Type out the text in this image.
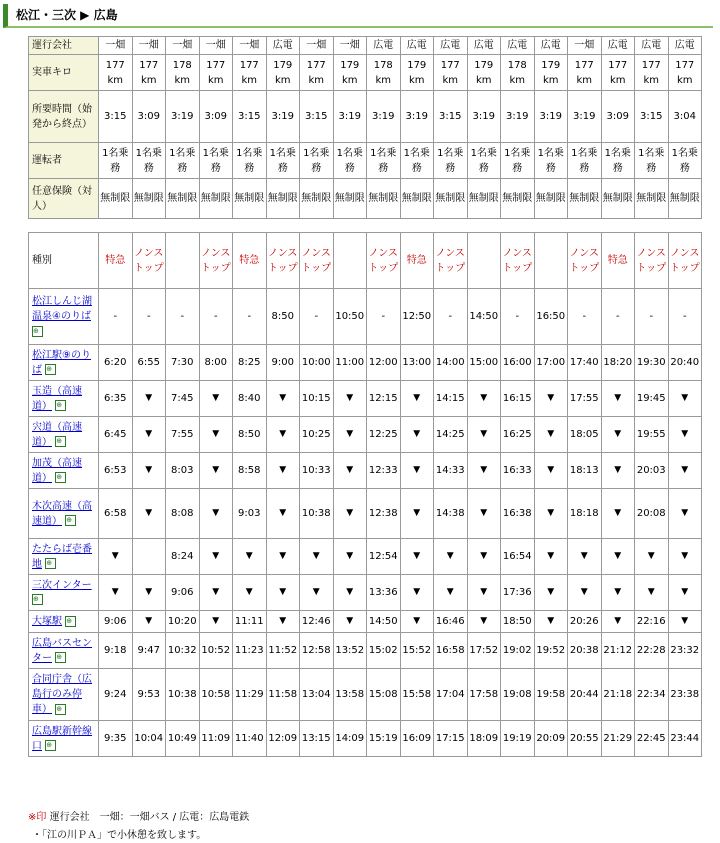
松江・三次 ▶ 広島
運行会社	一畑	一畑	一畑	一畑	一畑	広電	一畑	一畑	広電	広電	広電	広電	広電	広電	一畑	広電	広電	広電
実車キロ	177 km	177 km	178 km	177 km	177 km	179 km	177 km	179 km	178 km	179 km	177 km	179 km	178 km	179 km	177 km	177 km	177 km	177 km
所要時間（始発から終点）	3:15	3:09	3:19	3:09	3:15	3:19	3:15	3:19	3:19	3:19	3:15	3:19	3:19	3:19	3:19	3:09	3:15	3:04
運転者	1名乗務	1名乗務	1名乗務	1名乗務	1名乗務	1名乗務	1名乗務	1名乗務	1名乗務	1名乗務	1名乗務	1名乗務	1名乗務	1名乗務	1名乗務	1名乗務	1名乗務	1名乗務
任意保険（対人）	無制限	無制限	無制限	無制限	無制限	無制限	無制限	無制限	無制限	無制限	無制限	無制限	無制限	無制限	無制限	無制限	無制限	無制限
種別	特急	ノンストップ		ノンストップ	特急	ノンストップ	ノンストップ		ノンストップ	特急	ノンストップ		ノンストップ		ノンストップ	特急	ノンストップ	ノンストップ
松江しんじ湖温泉④のりば ⊕	-	-	-	-	-	8:50	-	10:50	-	12:50	-	14:50	-	16:50	-	-	-	-
松江駅⑨のりば ⊕	6:20	6:55	7:30	8:00	8:25	9:00	10:00	11:00	12:00	13:00	14:00	15:00	16:00	17:00	17:40	18:20	19:30	20:40
玉造（高速道） ⊕	6:35	▼	7:45	▼	8:40	▼	10:15	▼	12:15	▼	14:15	▼	16:15	▼	17:55	▼	19:45	▼
宍道（高速道） ⊕	6:45	▼	7:55	▼	8:50	▼	10:25	▼	12:25	▼	14:25	▼	16:25	▼	18:05	▼	19:55	▼
加茂（高速道） ⊕	6:53	▼	8:03	▼	8:58	▼	10:33	▼	12:33	▼	14:33	▼	16:33	▼	18:13	▼	20:03	▼
木次高速（高速道） ⊕	6:58	▼	8:08	▼	9:03	▼	10:38	▼	12:38	▼	14:38	▼	16:38	▼	18:18	▼	20:08	▼
たたらば壱番地 ⊕	▼		8:24	▼	▼	▼	▼	▼	12:54	▼	▼	▼	16:54	▼	▼	▼	▼	▼
三次インター ⊕	▼	▼	9:06	▼	▼	▼	▼	▼	13:36	▼	▼	▼	17:36	▼	▼	▼	▼	▼
大塚駅 ⊕	9:06	▼	10:20	▼	11:11	▼	12:46	▼	14:50	▼	16:46	▼	18:50	▼	20:26	▼	22:16	▼
広島バスセンター ⊕	9:18	9:47	10:32	10:52	11:23	11:52	12:58	13:52	15:02	15:52	16:58	17:52	19:02	19:52	20:38	21:12	22:28	23:32
合同庁舎（広島行のみ停車） ⊕	9:24	9:53	10:38	10:58	11:29	11:58	13:04	13:58	15:08	15:58	17:04	17:58	19:08	19:58	20:44	21:18	22:34	23:38
広島駅新幹線口 ⊕	9:35	10:04	10:49	11:09	11:40	12:09	13:15	14:09	15:19	16:09	17:15	18:09	19:19	20:09	20:55	21:29	22:45	23:44
※印 運行会社　一畑：一畑バス / 広電：広島電鉄
・「江の川ＰＡ」で小休憩を致します。
